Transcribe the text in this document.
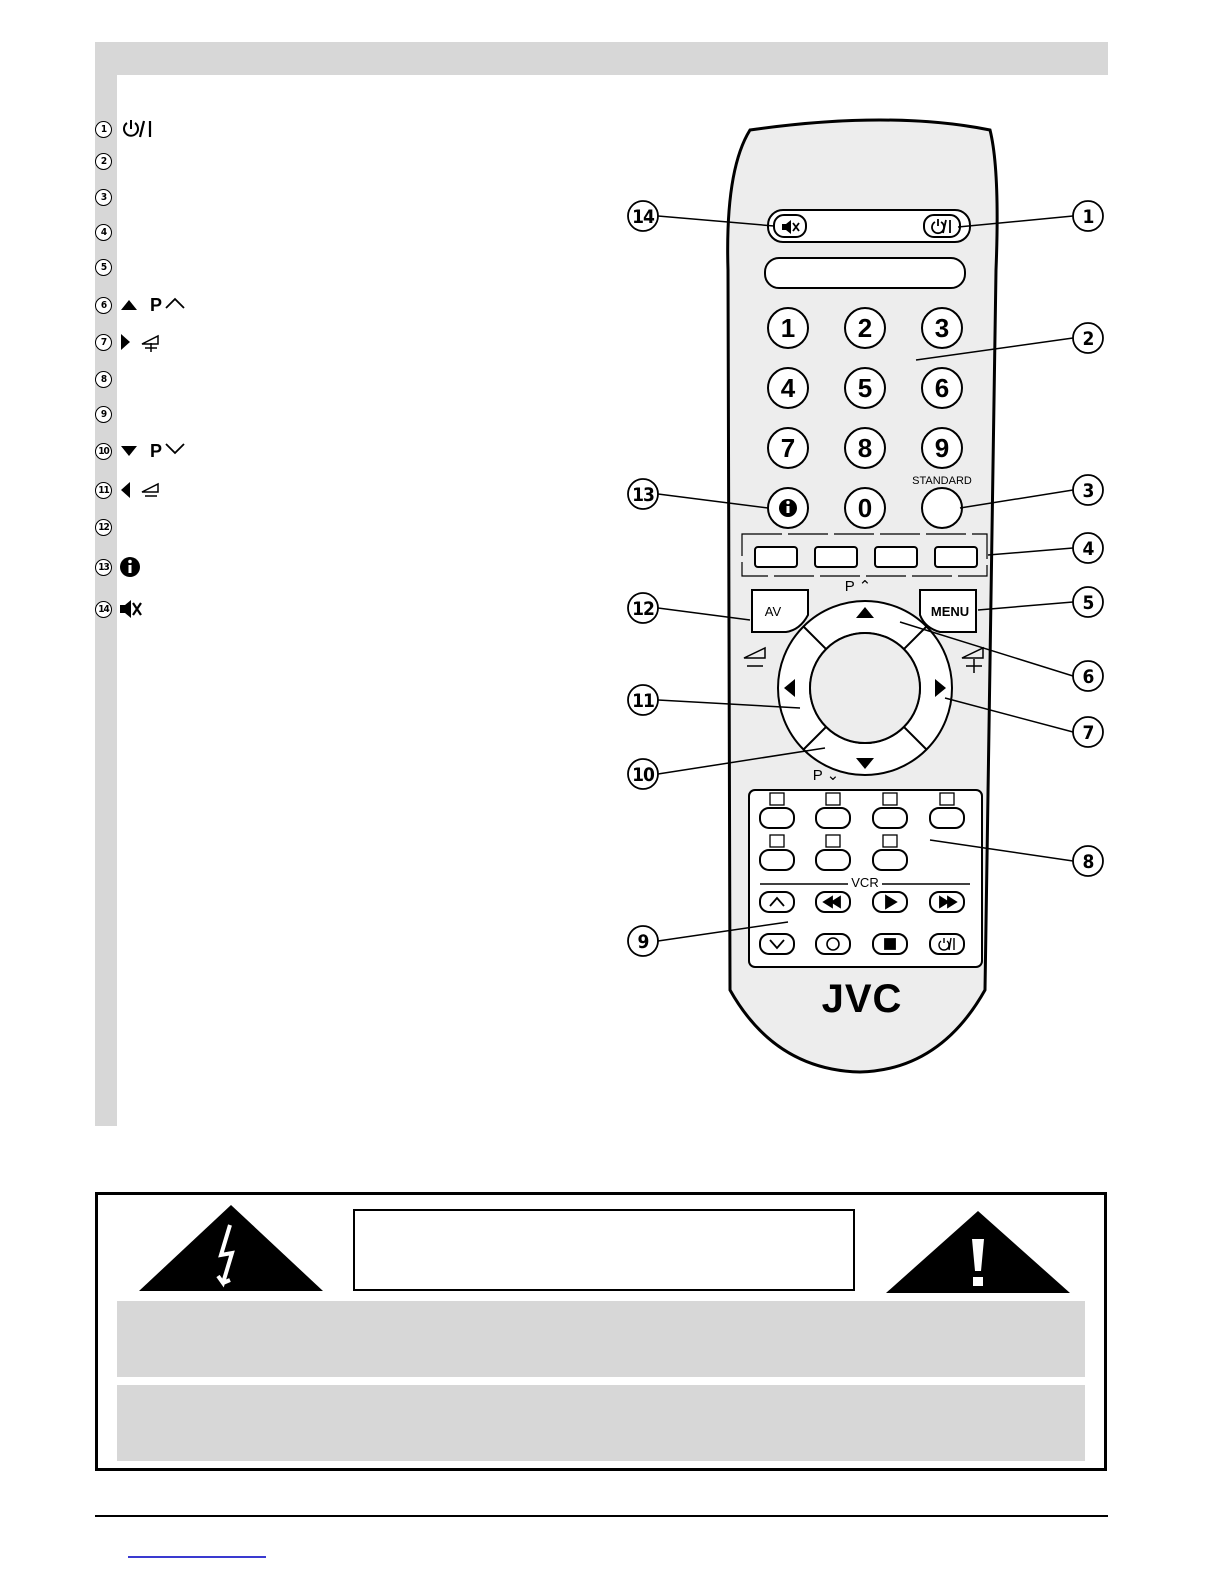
1
2
3
4
5
6	P
7
8
9
10 P
11
12
13
14
1 2 3
4 5 6
7 8 9
0
STANDARD
AV	MENU
P ⌃
P ⌄
VCR
JVC
1
2
3
4
5
6
7
8
9
10
11
12
13
14
